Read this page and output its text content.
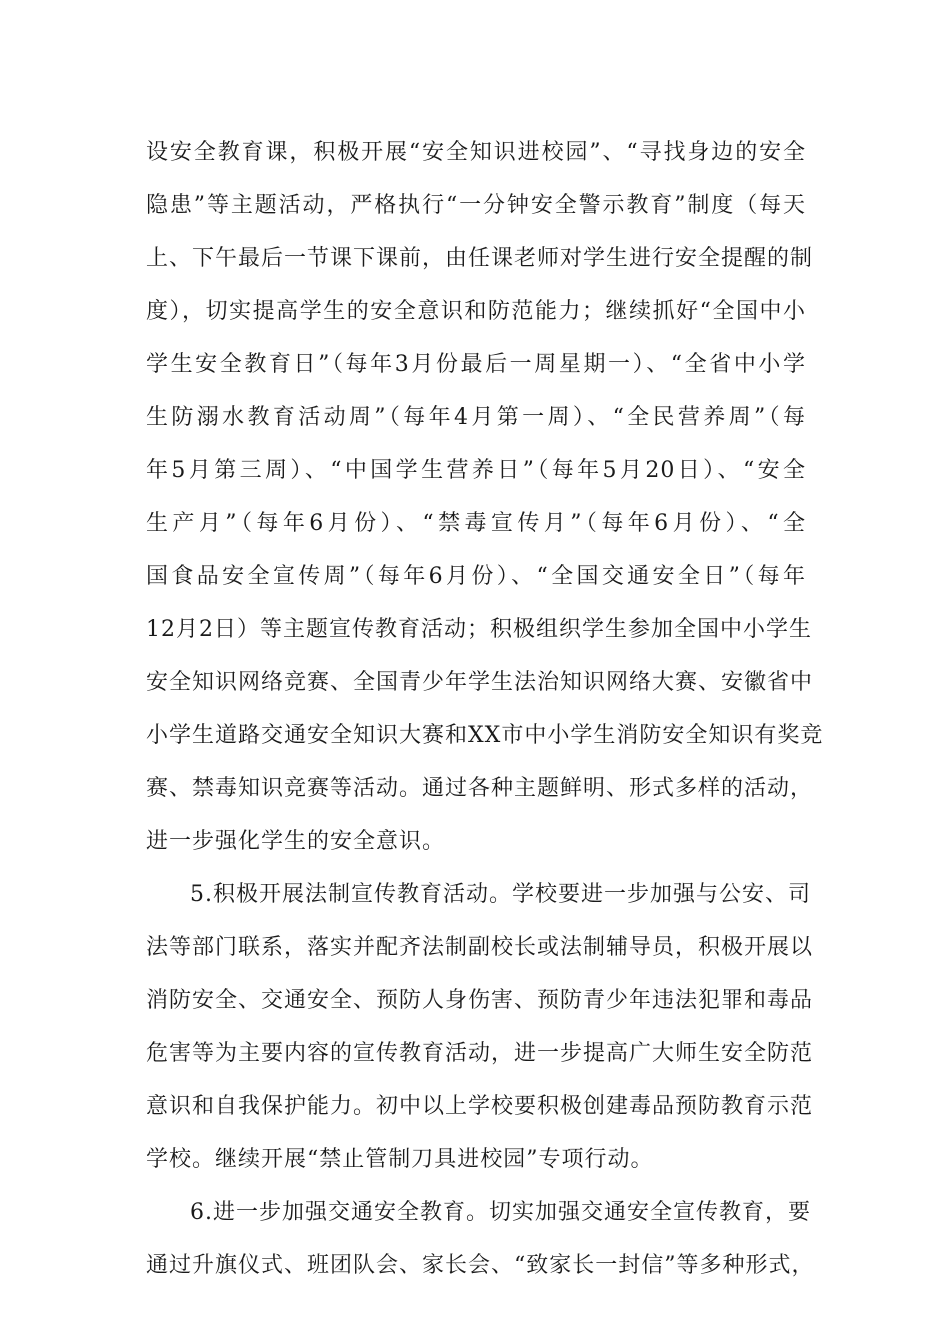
设安全教育课，积极开展“安全知识进校园”、“寻找身边的安全
隐患”等主题活动，严格执行“一分钟安全警示教育”制度（每天
上、下午最后一节课下课前，由任课老师对学生进行安全提醒的制
度），切实提高学生的安全意识和防范能力；继续抓好“全国中小
学生安全教育日”（每年3月份最后一周星期一）、“全省中小学
生防溺水教育活动周”（每年4月第一周）、“全民营养周”（每
年5月第三周）、“中国学生营养日”（每年5月20日）、“安全
生产月”（每年6月份）、“禁毒宣传月”（每年6月份）、“全
国食品安全宣传周”（每年6月份）、“全国交通安全日”（每年
12月2日）等主题宣传教育活动；积极组织学生参加全国中小学生
安全知识网络竞赛、全国青少年学生法治知识网络大赛、安徽省中
小学生道路交通安全知识大赛和XX市中小学生消防安全知识有奖竞
赛、禁毒知识竞赛等活动。通过各种主题鲜明、形式多样的活动，
进一步强化学生的安全意识。
5.积极开展法制宣传教育活动。学校要进一步加强与公安、司
法等部门联系，落实并配齐法制副校长或法制辅导员，积极开展以
消防安全、交通安全、预防人身伤害、预防青少年违法犯罪和毒品
危害等为主要内容的宣传教育活动，进一步提高广大师生安全防范
意识和自我保护能力。初中以上学校要积极创建毒品预防教育示范
学校。继续开展“禁止管制刀具进校园”专项行动。
6.进一步加强交通安全教育。切实加强交通安全宣传教育，要
通过升旗仪式、班团队会、家长会、“致家长一封信”等多种形式，
